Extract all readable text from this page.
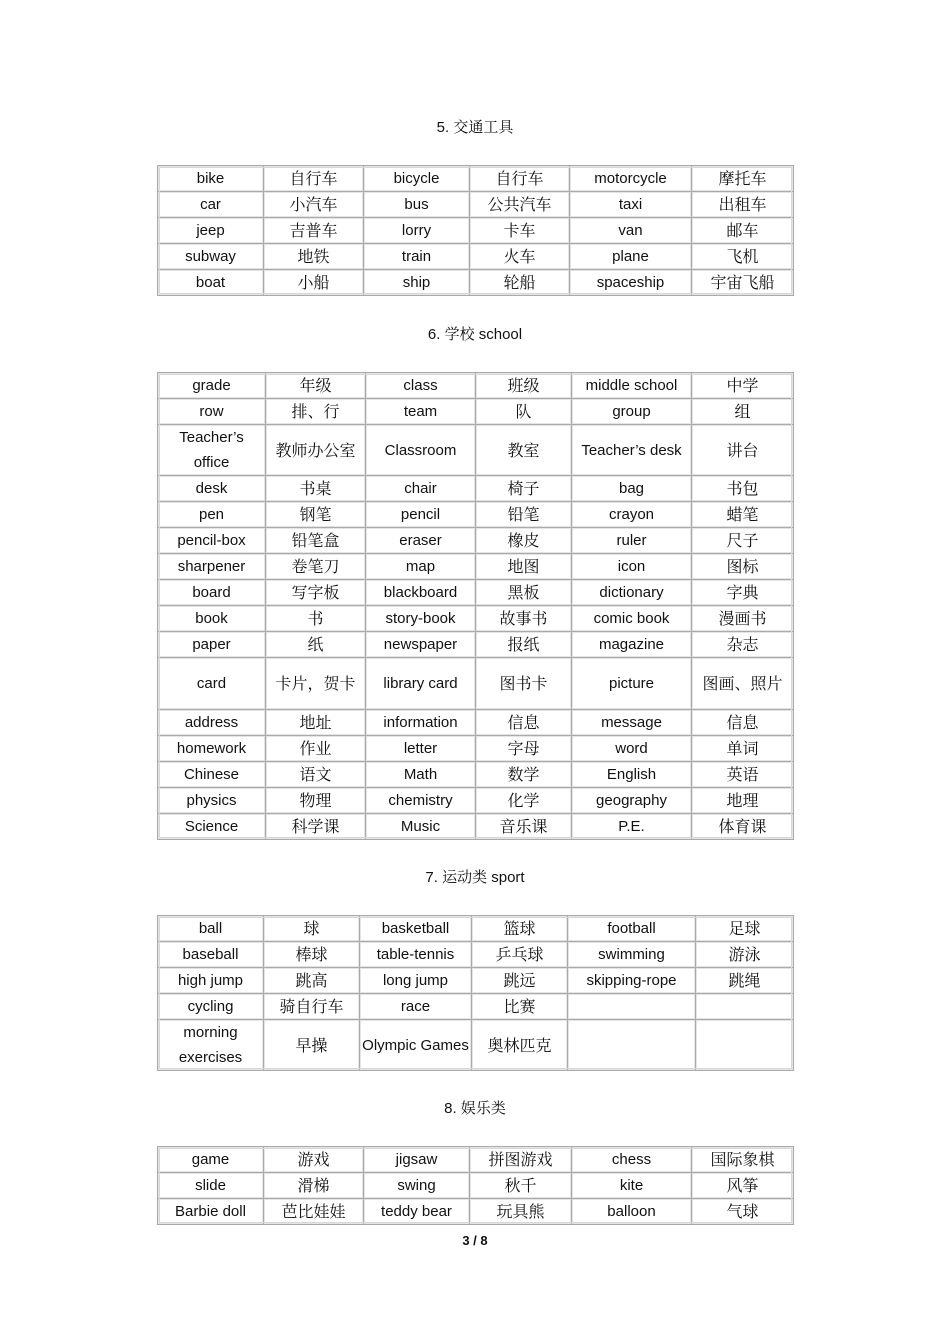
5. 交通工具
bike	自行车	bicycle	自行车	motorcycle	摩托车
car	小汽车	bus	公共汽车	taxi	出租车
jeep	吉普车	lorry	卡车	van	邮车
subway	地铁	train	火车	plane	飞机
boat	小船	ship	轮船	spaceship	宇宙飞船
6. 学校 school
grade	年级	class	班级	middle school	中学
row	排、行	team	队	group	组
Teacher’s office	教师办公室	Classroom	教室	Teacher’s desk	讲台
desk	书桌	chair	椅子	bag	书包
pen	钢笔	pencil	铅笔	crayon	蜡笔
pencil-box	铅笔盒	eraser	橡皮	ruler	尺子
sharpener	卷笔刀	map	地图	icon	图标
board	写字板	blackboard	黑板	dictionary	字典
book	书	story-book	故事书	comic book	漫画书
paper	纸	newspaper	报纸	magazine	杂志
card	卡片，贺卡	library card	图书卡	picture	图画、照片
address	地址	information	信息	message	信息
homework	作业	letter	字母	word	单词
Chinese	语文	Math	数学	English	英语
physics	物理	chemistry	化学	geography	地理
Science	科学课	Music	音乐课	P.E.	体育课
7. 运动类 sport
ball	球	basketball	篮球	football	足球
baseball	棒球	table-tennis	乒乓球	swimming	游泳
high jump	跳高	long jump	跳远	skipping-rope	跳绳
cycling	骑自行车	race	比赛		
morning exercises	早操	Olympic Games	奥林匹克		
8. 娱乐类
game	游戏	jigsaw	拼图游戏	chess	国际象棋
slide	滑梯	swing	秋千	kite	风筝
Barbie doll	芭比娃娃	teddy bear	玩具熊	balloon	气球
3 / 8
